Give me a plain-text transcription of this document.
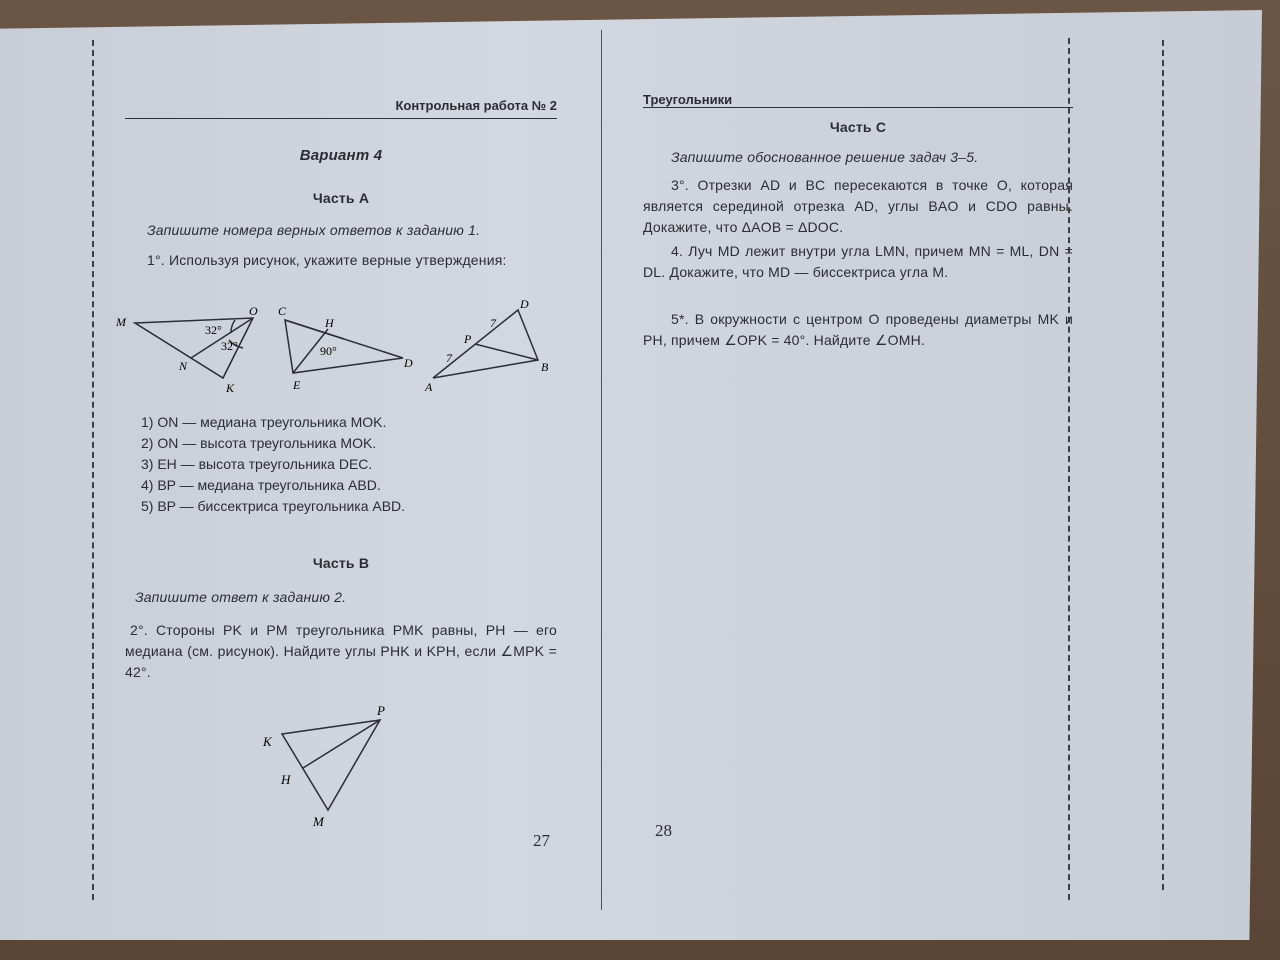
Контрольная работа № 2
Вариант 4
Часть А
Запишите номера верных ответов к заданию 1.
1°. Используя рисунок, укажите верные утверждения:
M
O
N
K
32°
32°
C
H
D
E
90°
D
P
A
B
7
7
1) ON — медиана треугольника MOK.
2) ON — высота треугольника MOK.
3) EH — высота треугольника DEC.
4) BP — медиана треугольника ABD.
5) BP — биссектриса треугольника ABD.
Часть В
Запишите ответ к заданию 2.
2°. Стороны PK и PM треугольника PMK равны, PH — его медиана (см. рисунок). Найдите углы PHK и KPH, если ∠MPK = 42°.
P
K
H
M
27
Треугольники
Часть С
Запишите обоснованное решение задач 3–5.
3°. Отрезки AD и BC пересекаются в точке O, которая является серединой отрезка AD, углы BAO и CDO равны. Докажите, что ΔAOB = ΔDOC.
4. Луч MD лежит внутри угла LMN, причем MN = ML, DN = DL. Докажите, что MD — биссектриса угла M.
5*. В окружности с центром O проведены диаметры MK и PH, причем ∠OPK = 40°. Найдите ∠OMH.
28
